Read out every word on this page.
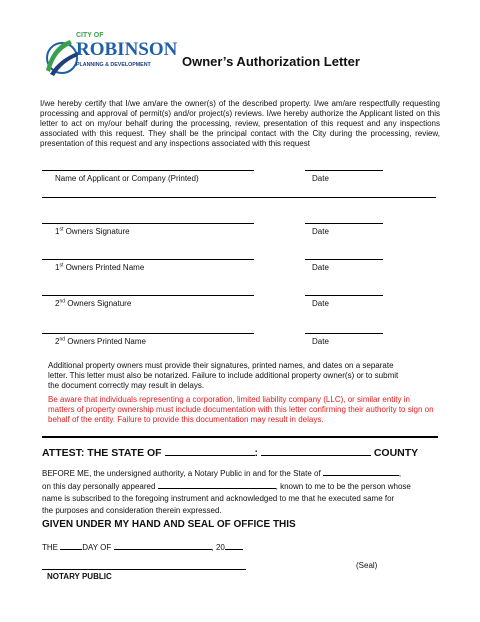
CITY OF
ROBINSON
PLANNING & DEVELOPMENT Owner’s Authorization Letter
I/we hereby certify that I/we am/are the owner(s) of the described property. I/we am/are respectfully requesting processing and approval of permit(s) and/or project(s) reviews. I/we hereby authorize the Applicant listed on this letter to act on my/our behalf during the processing, review, presentation of this request and any inspections associated with this request. They shall be the principal contact with the City during the processing, review, presentation of this request and any inspections associated with this request
Name of Applicant or Company (Printed)	Date
1st Owners Signature	Date
1st Owners Printed Name	Date
2nd Owners Signature	Date
2nd Owners Printed Name	Date
Additional property owners must provide their signatures, printed names, and dates on a separate letter. This letter must also be notarized. Failure to include additional property owner(s) or to submit the document correctly may result in delays.
Be aware that individuals representing a corporation, limited liability company (LLC), or similar entity in matters of property ownership must include documentation with this letter confirming their authority to sign on behalf of the entity. Failure to provide this documentation may result in delays.
ATTEST: THE STATE OF	:	COUNTY
BEFORE ME, the undersigned authority, a Notary Public in and for the State of	,
on this day personally appeared	, known to me to be the person whose
name is subscribed to the foregoing instrument and acknowledged to me that he executed same for
the purposes and consideration therein expressed.
GIVEN UNDER MY HAND AND SEAL OF OFFICE THIS
THE	DAY OF	, 20
NOTARY PUBLIC
(Seal)
